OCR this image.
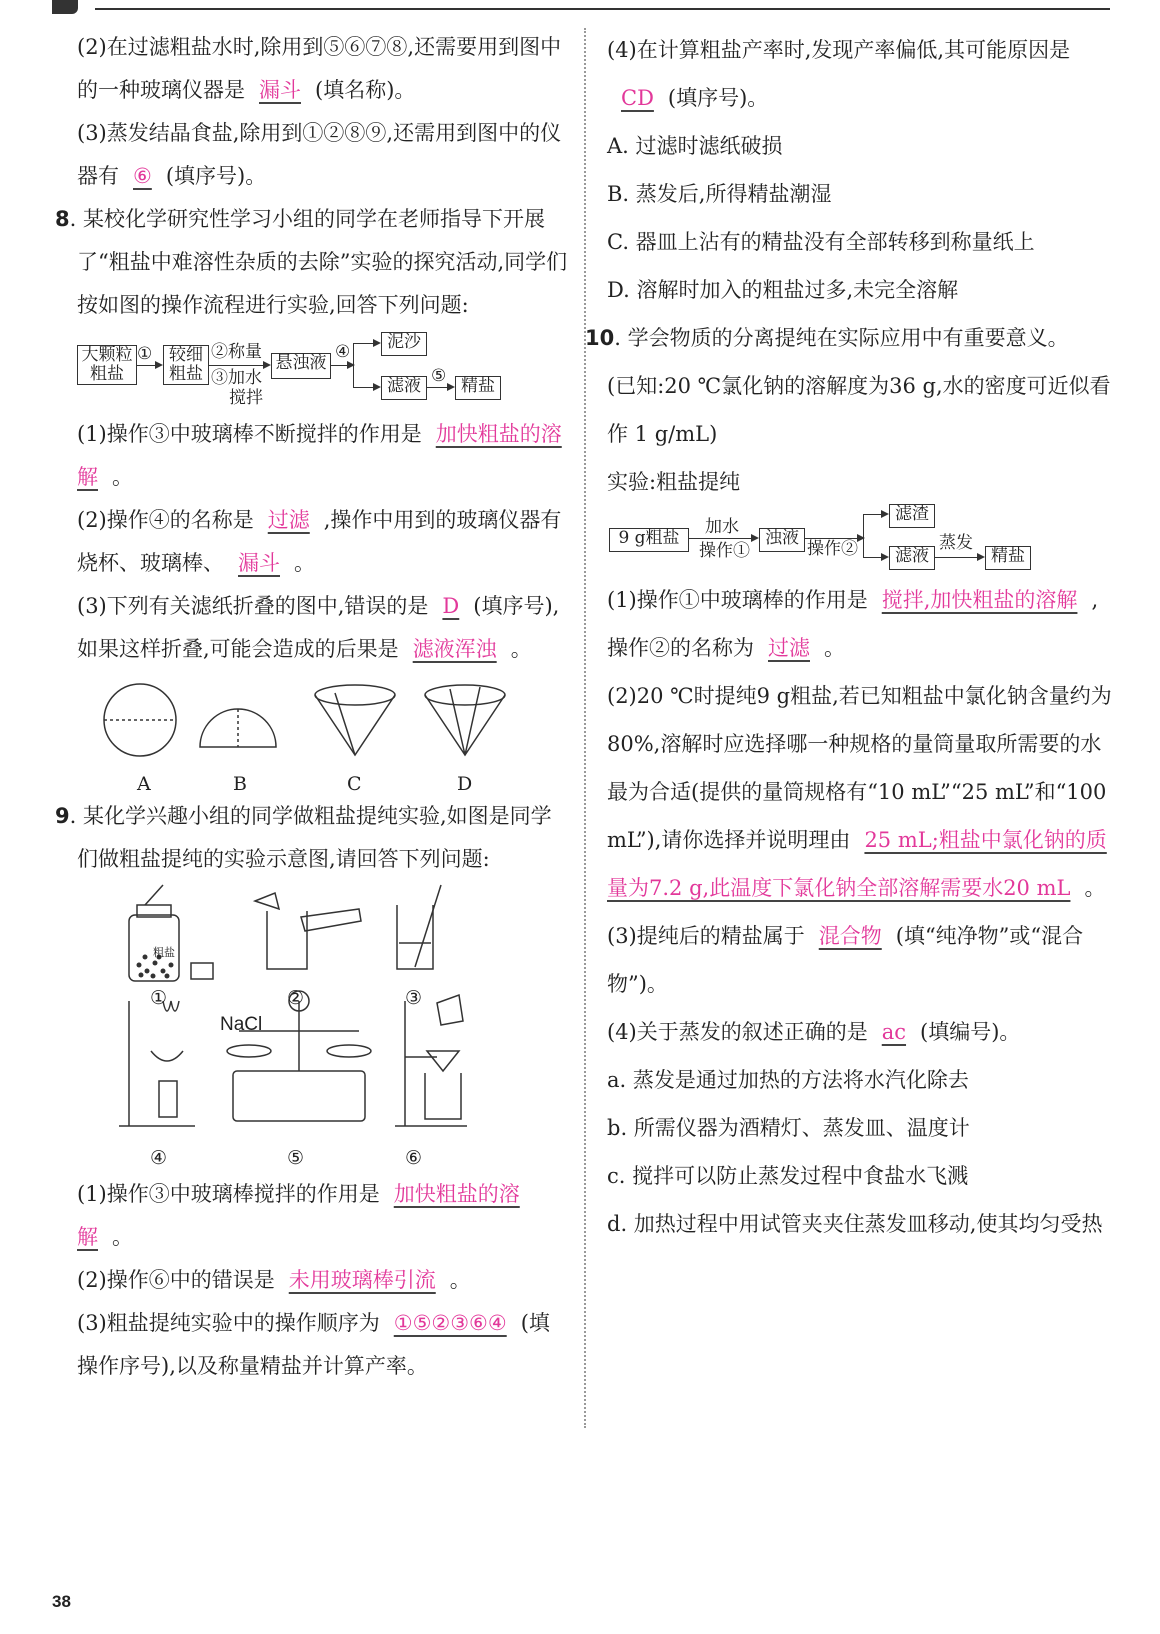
(2)在过滤粗盐水时,除用到⑤⑥⑦⑧,还需要用到图中的一种玻璃仪器是 漏斗 (填名称)。

(3)蒸发结晶食盐,除用到①②⑧⑨,还需用到图中的仪器有 ⑥ (填序号)。

8. 某校化学研究性学习小组的同学在老师指导下开展了“粗盐中难溶性杂质的去除”实验的探究活动,同学们按如图的操作流程进行实验,回答下列问题:

大颗粒粗盐
① 较细粗盐
②称量
③加水
搅拌
悬浊液
④	泥沙
滤液 ⑤ 精盐

(1)操作③中玻璃棒不断搅拌的作用是 加快粗盐的溶解 。

(2)操作④的名称是 过滤 ,操作中用到的玻璃仪器有烧杯、玻璃棒、 漏斗 。

(3)下列有关滤纸折叠的图中,错误的是 D (填序号),如果这样折叠,可能会造成的后果是 滤液浑浊 。

A	B	C	D

9. 某化学兴趣小组的同学做粗盐提纯实验,如图是同学们做粗盐提纯的实验示意图,请回答下列问题:

粗盐
NaCl
①	②	③
④	⑤	⑥

(1)操作③中玻璃棒搅拌的作用是 加快粗盐的溶解 。

(2)操作⑥中的错误是 未用玻璃棒引流 。

(3)粗盐提纯实验中的操作顺序为 ①⑤②③⑥④ (填操作序号),以及称量精盐并计算产率。

(4)在计算粗盐产率时,发现产率偏低,其可能原因是CD (填序号)。

A. 过滤时滤纸破损

B. 蒸发后,所得精盐潮湿

C. 器皿上沾有的精盐没有全部转移到称量纸上

D. 溶解时加入的粗盐过多,未完全溶解

10. 学会物质的分离提纯在实际应用中有重要意义。

(已知:20 ℃氯化钠的溶解度为36 g,水的密度可近似看作 1 g/mL)

实验:粗盐提纯

9 g粗盐
加水
操作①
浊液
操作②
滤渣
滤液
蒸发
精盐

(1)操作①中玻璃棒的作用是 搅拌,加快粗盐的溶解 ,操作②的名称为 过滤 。

(2)20 ℃时提纯9 g粗盐,若已知粗盐中氯化钠含量约为80%,溶解时应选择哪一种规格的量筒量取所需要的水最为合适(提供的量筒规格有“10 mL”“25 mL”和“100 mL”),请你选择并说明理由 25 mL;粗盐中氯化钠的质量为7.2 g,此温度下氯化钠全部溶解需要水20 mL 。

(3)提纯后的精盐属于 混合物 (填“纯净物”或“混合物”)。

(4)关于蒸发的叙述正确的是 ac (填编号)。

a. 蒸发是通过加热的方法将水汽化除去

b. 所需仪器为酒精灯、蒸发皿、温度计

c. 搅拌可以防止蒸发过程中食盐水飞溅

d. 加热过程中用试管夹夹住蒸发皿移动,使其均匀受热

38
